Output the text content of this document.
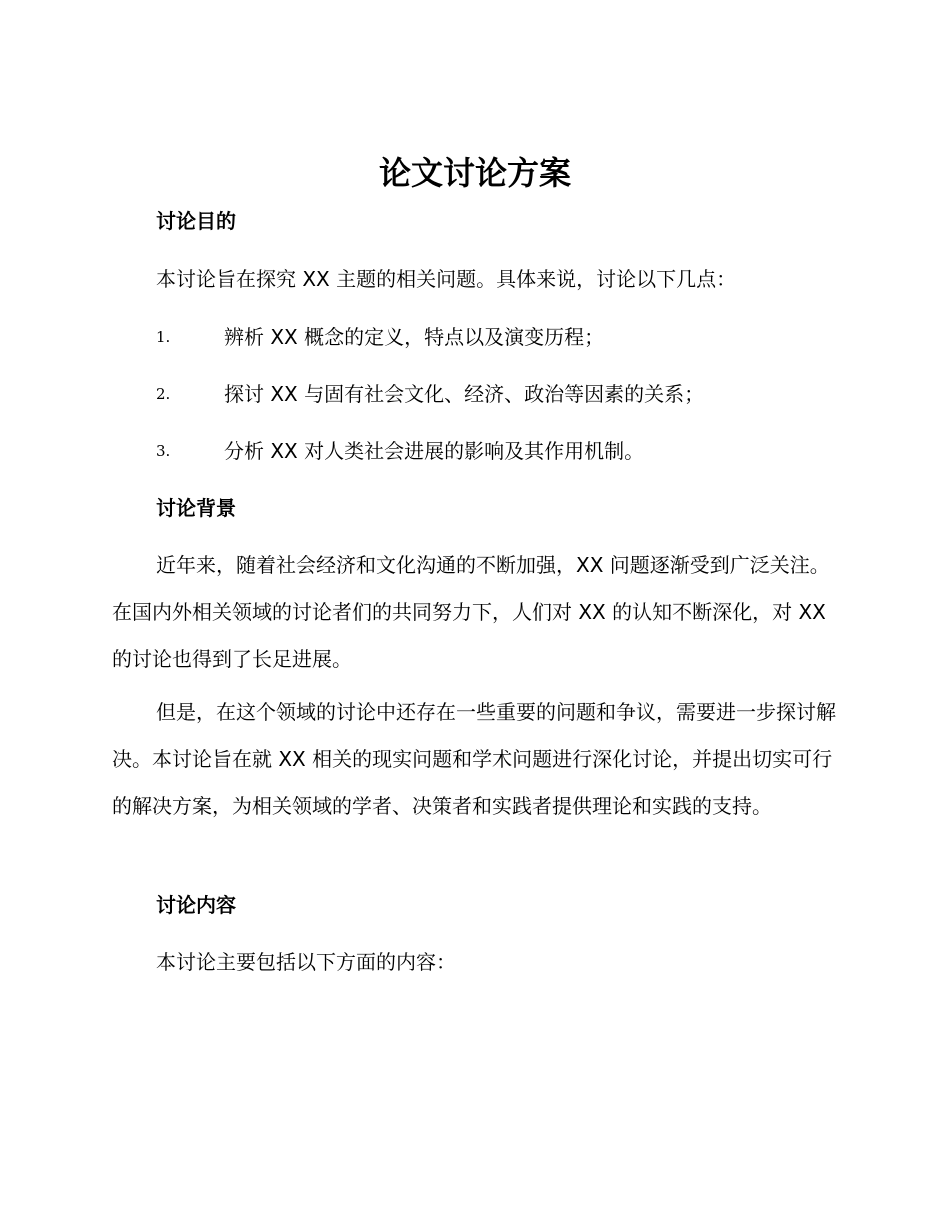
论文讨论方案
讨论目的

本讨论旨在探究 XX 主题的相关问题。具体来说，讨论以下几点：

1.	辨析 XX 概念的定义，特点以及演变历程；
2.	探讨 XX 与固有社会文化、经济、政治等因素的关系；
3.	分析 XX 对人类社会进展的影响及其作用机制。
讨论背景

近年来，随着社会经济和文化沟通的不断加强，XX 问题逐渐受到广泛关注。在国内外相关领域的讨论者们的共同努力下，人们对 XX 的认知不断深化，对 XX 的讨论也得到了长足进展。

但是，在这个领域的讨论中还存在一些重要的问题和争议，需要进一步探讨解决。本讨论旨在就 XX 相关的现实问题和学术问题进行深化讨论，并提出切实可行的解决方案，为相关领域的学者、决策者和实践者提供理论和实践的支持。

讨论内容

本讨论主要包括以下方面的内容：
